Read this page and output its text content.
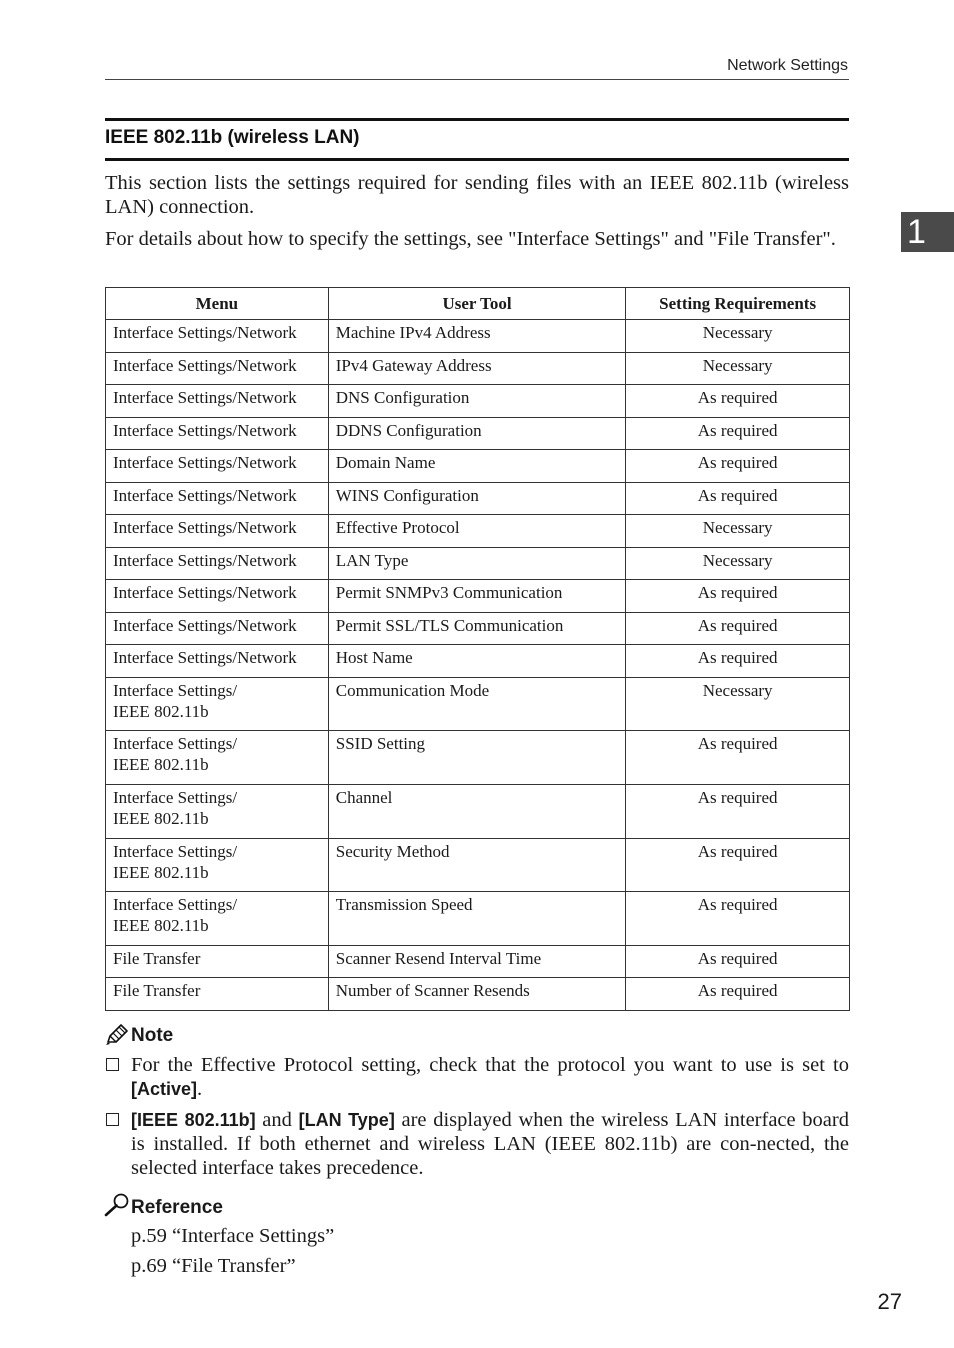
Network Settings
1
IEEE 802.11b (wireless LAN)

This section lists the settings required for sending files with an IEEE 802.11b (wireless LAN) connection.

For details about how to specify the settings, see "Interface Settings" and "File Transfer".

Menu	User Tool	Setting Requirements

Interface Settings/Network	Machine IPv4 Address	Necessary

Interface Settings/Network	IPv4 Gateway Address	Necessary

Interface Settings/Network	DNS Configuration	As required

Interface Settings/Network	DDNS Configuration	As required

Interface Settings/Network	Domain Name	As required

Interface Settings/Network	WINS Configuration	As required

Interface Settings/Network	Effective Protocol	Necessary

Interface Settings/Network	LAN Type	Necessary

Interface Settings/Network	Permit SNMPv3 Communication	As required

Interface Settings/Network	Permit SSL/TLS Communication	As required

Interface Settings/Network	Host Name	As required

Interface Settings/
IEEE 802.11b	Communication Mode	Necessary

Interface Settings/
IEEE 802.11b	SSID Setting	As required

Interface Settings/
IEEE 802.11b	Channel	As required

Interface Settings/
IEEE 802.11b	Security Method	As required

Interface Settings/
IEEE 802.11b	Transmission Speed	As required

File Transfer	Scanner Resend Interval Time	As required

File Transfer	Number of Scanner Resends	As required
Note
For the Effective Protocol setting, check that the protocol you want to use is set to [Active].
[IEEE 802.11b] and [LAN Type] are displayed when the wireless LAN interface board is installed. If both ethernet and wireless LAN (IEEE 802.11b) are con-nected, the selected interface takes precedence.
Reference
p.59 “Interface Settings”
p.69 “File Transfer”
27
